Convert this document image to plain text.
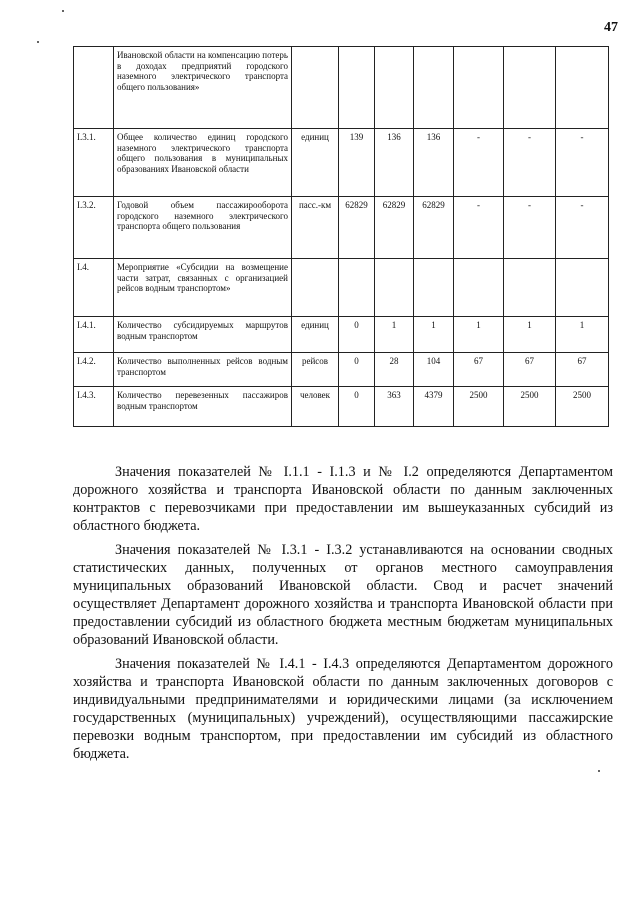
47
	Ивановской области на компенсацию потерь в доходах предприятий городского наземного электрического транспорта общего пользования»							
I.3.1.	Общее количество единиц городского наземного электрического транспорта общего пользования в муниципальных образованиях Ивановской области	единиц	139	136	136	-	-	-
I.3.2.	Годовой объем пассажирооборота городского наземного электрического транспорта общего пользования	пасс.-км	62829	62829	62829	-	-	-
I.4.	Мероприятие «Субсидии на возмещение части затрат, связанных с организацией рейсов водным транспортом»							
I.4.1.	Количество субсидируемых маршрутов водным транспортом	единиц	0	1	1	1	1	1
I.4.2.	Количество выполненных рейсов водным транспортом	рейсов	0	28	104	67	67	67
I.4.3.	Количество перевезенных пассажиров водным транспортом	человек	0	363	4379	2500	2500	2500

Значения показателей № I.1.1 - I.1.3 и № I.2 определяются Департаментом дорожного хозяйства и транспорта Ивановской области по данным заключенных контрактов с перевозчиками при предоставлении им вышеуказанных субсидий из областного бюджета.

Значения показателей № I.3.1 - I.3.2 устанавливаются на основании сводных статистических данных, полученных от органов местного самоуправления муниципальных образований Ивановской области. Свод и расчет значений осуществляет Департамент дорожного хозяйства и транспорта Ивановской области при предоставлении субсидий из областного бюджета местным бюджетам муниципальных образований Ивановской области.

Значения показателей № I.4.1 - I.4.3 определяются Департаментом дорожного хозяйства и транспорта Ивановской области по данным заключенных договоров с индивидуальными предпринимателями и юридическими лицами (за исключением государственных (муниципальных) учреждений), осуществляющими пассажирские перевозки водным транспортом, при предоставлении им субсидий из областного бюджета.
